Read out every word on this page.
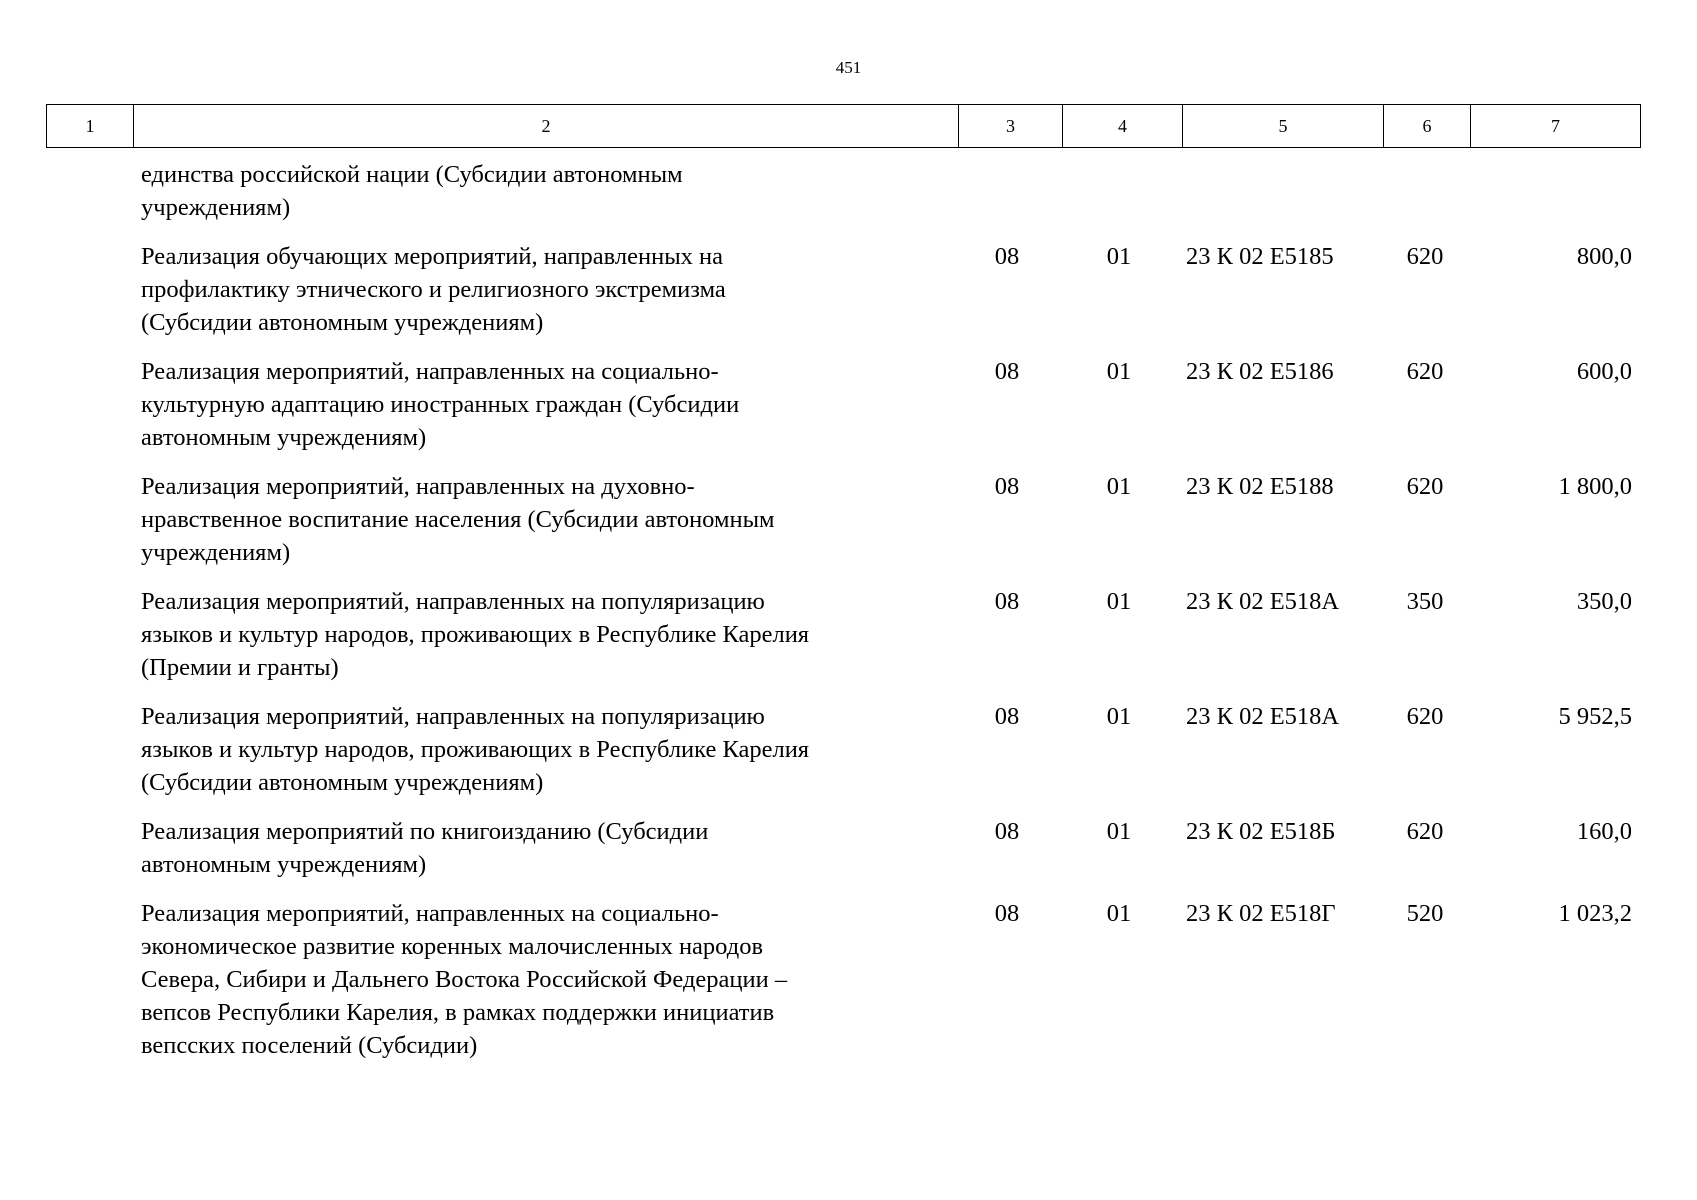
451
1	2	3	4	5	6	7
единства российской нации (Субсидии автономным
учреждениям)
Реализация обучающих мероприятий, направленных на
профилактику этнического и религиозного экстремизма
(Субсидии автономным учреждениям)
08	01	23 К 02 E5185	620	800,0
Реализация мероприятий, направленных на социально-
культурную адаптацию иностранных граждан (Субсидии
автономным учреждениям)
08	01	23 К 02 E5186	620	600,0
Реализация мероприятий, направленных на духовно-
нравственное воспитание населения (Субсидии автономным
учреждениям)
08	01	23 К 02 E5188	620	1 800,0
Реализация мероприятий, направленных на популяризацию
языков и культур народов, проживающих в Республике Карелия
(Премии и гранты)
08	01	23 К 02 E518А	350	350,0
Реализация мероприятий, направленных на популяризацию
языков и культур народов, проживающих в Республике Карелия
(Субсидии автономным учреждениям)
08	01	23 К 02 E518А	620	5 952,5
Реализация мероприятий по книгоизданию (Субсидии
автономным учреждениям)
08	01	23 К 02 E518Б	620	160,0
Реализация мероприятий, направленных на социально-
экономическое развитие коренных малочисленных народов
Севера, Сибири и Дальнего Востока Российской Федерации –
вепсов Республики Карелия, в рамках поддержки инициатив
вепсских поселений (Субсидии)
08	01	23 К 02 E518Г	520	1 023,2
